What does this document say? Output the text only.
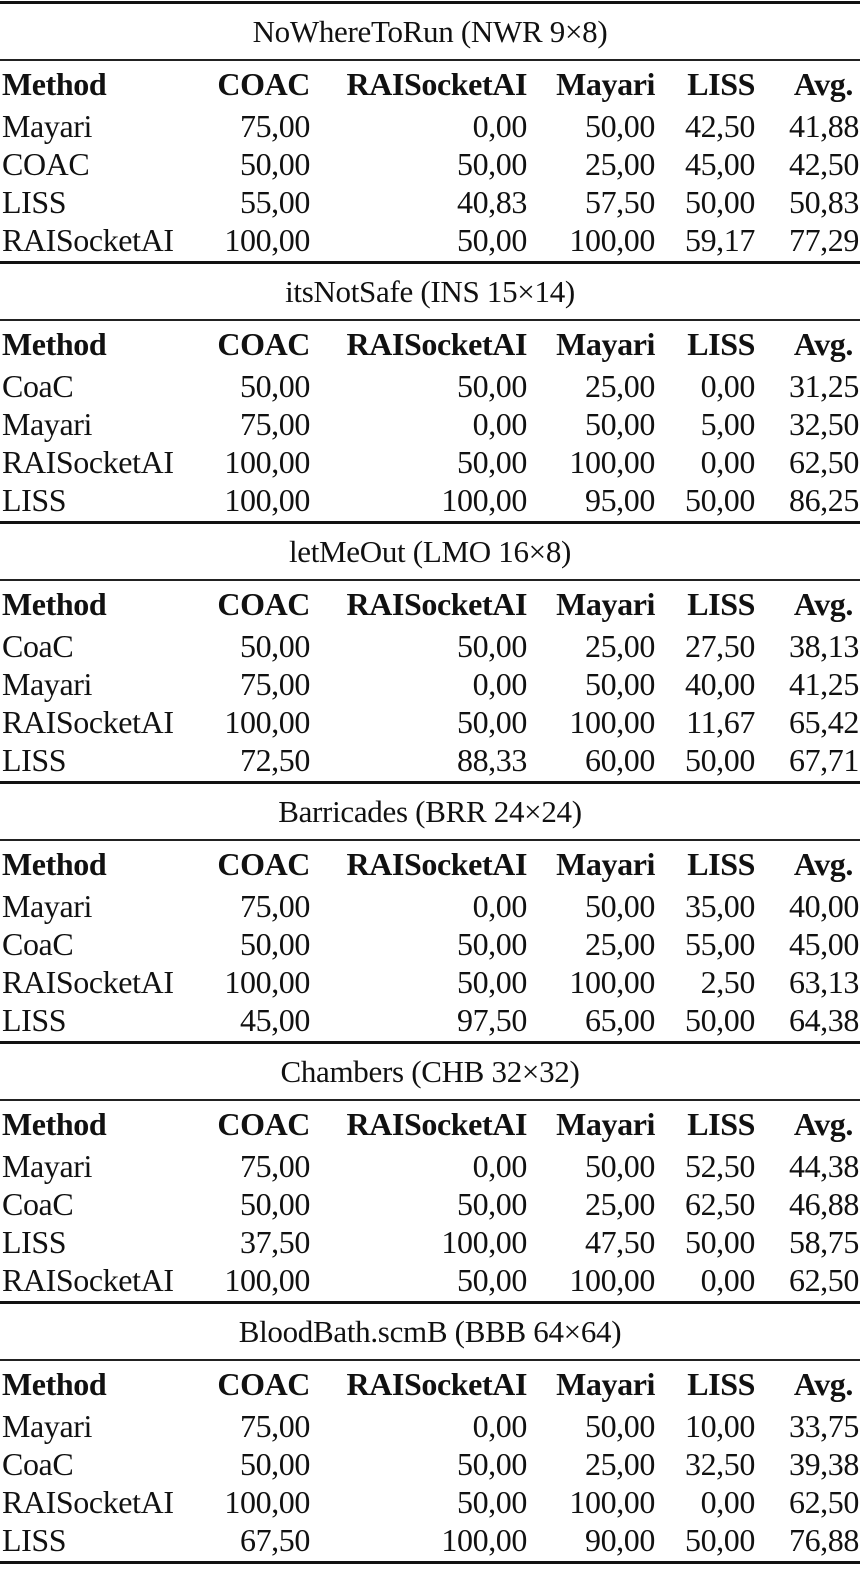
NoWhereToRun (NWR 9×8)
Method	COAC	RAISocketAI	Mayari	LISS	Avg.
Mayari	75,00	0,00	50,00	42,50	41,88
COAC	50,00	50,00	25,00	45,00	42,50
LISS	55,00	40,83	57,50	50,00	50,83
RAISocketAI	100,00	50,00	100,00	59,17	77,29
itsNotSafe (INS 15×14)
Method	COAC	RAISocketAI	Mayari	LISS	Avg.
CoaC	50,00	50,00	25,00	0,00	31,25
Mayari	75,00	0,00	50,00	5,00	32,50
RAISocketAI	100,00	50,00	100,00	0,00	62,50
LISS	100,00	100,00	95,00	50,00	86,25
letMeOut (LMO 16×8)
Method	COAC	RAISocketAI	Mayari	LISS	Avg.
CoaC	50,00	50,00	25,00	27,50	38,13
Mayari	75,00	0,00	50,00	40,00	41,25
RAISocketAI	100,00	50,00	100,00	11,67	65,42
LISS	72,50	88,33	60,00	50,00	67,71
Barricades (BRR 24×24)
Method	COAC	RAISocketAI	Mayari	LISS	Avg.
Mayari	75,00	0,00	50,00	35,00	40,00
CoaC	50,00	50,00	25,00	55,00	45,00
RAISocketAI	100,00	50,00	100,00	2,50	63,13
LISS	45,00	97,50	65,00	50,00	64,38
Chambers (CHB 32×32)
Method	COAC	RAISocketAI	Mayari	LISS	Avg.
Mayari	75,00	0,00	50,00	52,50	44,38
CoaC	50,00	50,00	25,00	62,50	46,88
LISS	37,50	100,00	47,50	50,00	58,75
RAISocketAI	100,00	50,00	100,00	0,00	62,50
BloodBath.scmB (BBB 64×64)
Method	COAC	RAISocketAI	Mayari	LISS	Avg.
Mayari	75,00	0,00	50,00	10,00	33,75
CoaC	50,00	50,00	25,00	32,50	39,38
RAISocketAI	100,00	50,00	100,00	0,00	62,50
LISS	67,50	100,00	90,00	50,00	76,88
